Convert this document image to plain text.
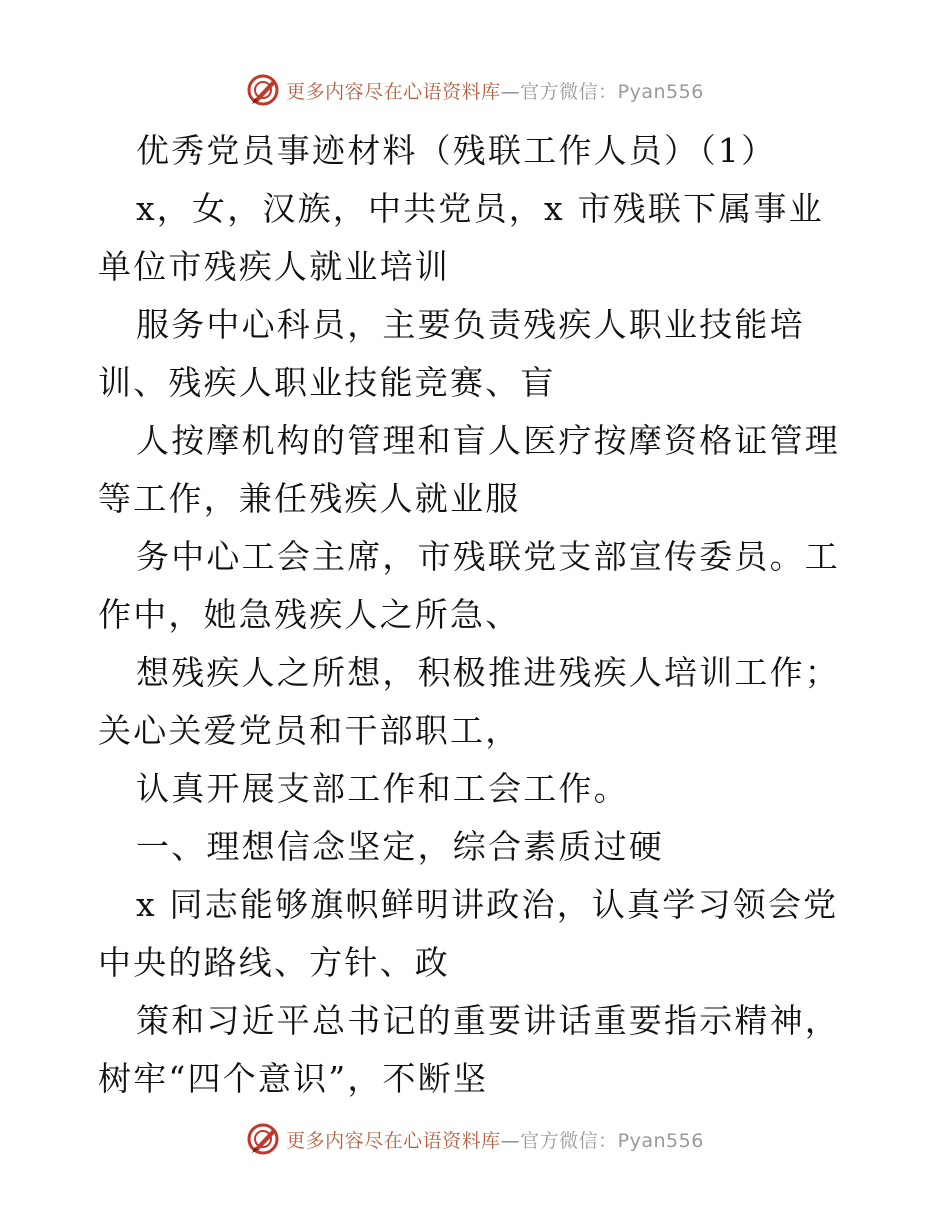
更多内容尽在心语资料库—官方微信：Pyan556

优秀党员事迹材料（残联工作人员）（1）

x，女，汉族，中共党员，x 市残联下属事业单位市残疾人就业培训

服务中心科员，主要负责残疾人职业技能培训、残疾人职业技能竞赛、盲

人按摩机构的管理和盲人医疗按摩资格证管理等工作，兼任残疾人就业服

务中心工会主席，市残联党支部宣传委员。工作中，她急残疾人之所急、

想残疾人之所想，积极推进残疾人培训工作；关心关爱党员和干部职工，

认真开展支部工作和工会工作。

一、理想信念坚定，综合素质过硬

x 同志能够旗帜鲜明讲政治，认真学习领会党中央的路线、方针、政

策和习近平总书记的重要讲话重要指示精神，树牢“四个意识”，不断坚

更多内容尽在心语资料库—官方微信：Pyan556
